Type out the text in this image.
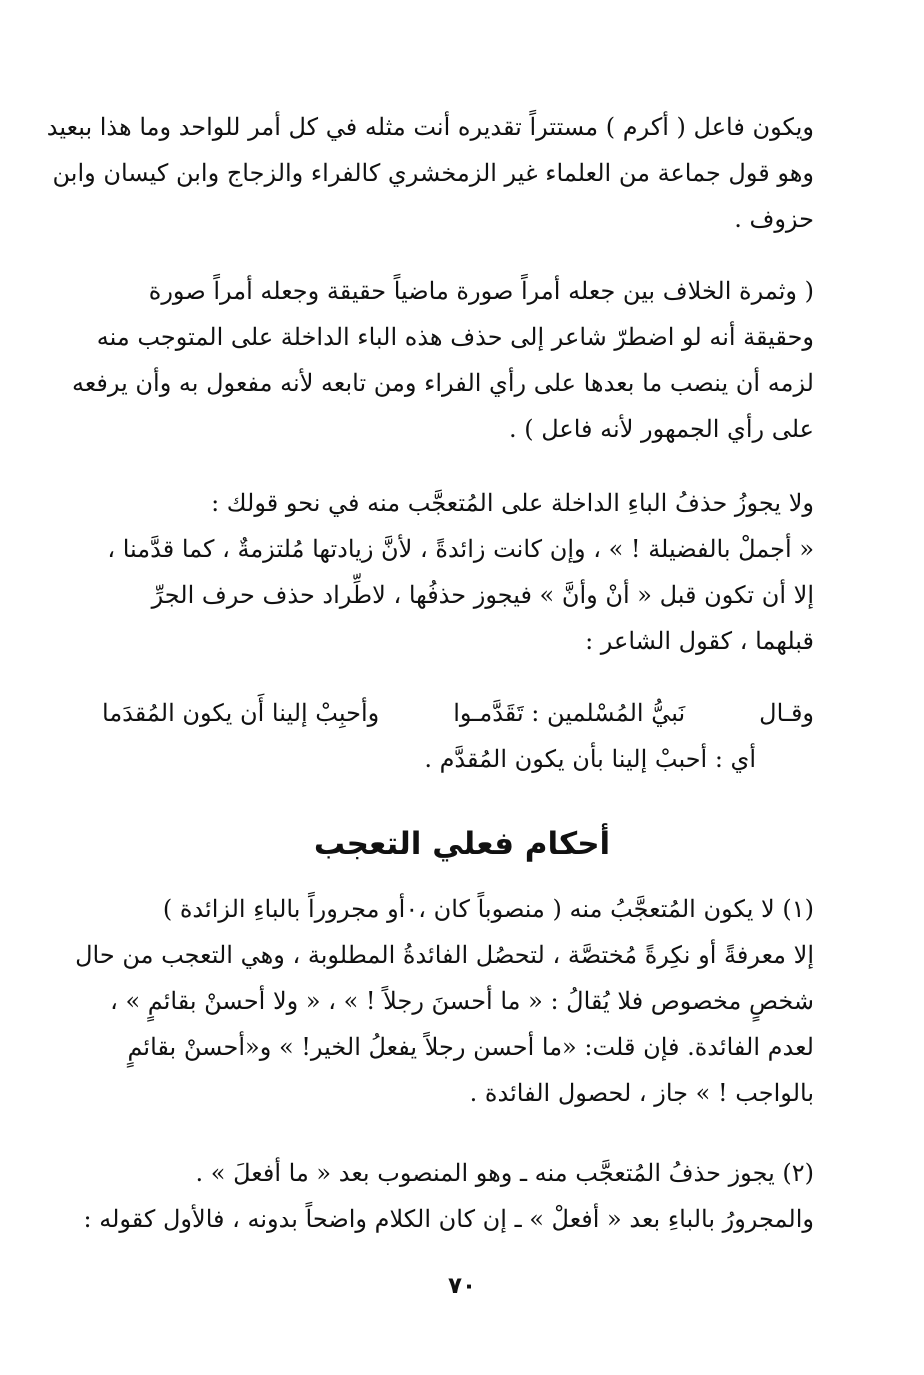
ويكون فاعل ( أكرم ) مستتراً تقديره أنت مثله في كل أمر للواحد وما هذا ببعيد
وهو قول جماعة من العلماء غير الزمخشري كالفراء والزجاج وابن كيسان وابن
حزوف .
( وثمرة الخلاف بين جعله أمراً صورة ماضياً حقيقة وجعله أمراً صورة
وحقيقة أنه لو اضطرّ شاعر إلى حذف هذه الباء الداخلة على المتوجب منه
لزمه أن ينصب ما بعدها على رأي الفراء ومن تابعه لأنه مفعول به وأن يرفعه
على رأي الجمهور لأنه فاعل ) .
ولا يجوزُ حذفُ الباءِ الداخلة على المُتعجَّب منه في نحو قولك :
« أجملْ بالفضيلة ! » ، وإن كانت زائدةً ، لأنَّ زيادتها مُلتزمةٌ ، كما قدَّمنا ،
إلا أن تكون قبل « أنْ وأنَّ » فيجوز حذفُها ، لاطِّراد حذف حرف الجرِّ
قبلهما ، كقول الشاعر :
وقـال
نَبيُّ المُسْلمين : تَقَدَّمـوا
وأحبِبْ إلينا أَن يكون المُقدَما
أي : أحببْ إلينا بأن يكون المُقدَّم .
أحكام فعلي التعجب
(١) لا يكون المُتعجَّبُ منه ( منصوباً كان ،٠أو مجروراً بالباءِ الزائدة )
إلا معرفةً أو نكِرةً مُختصَّة ، لتحصُل الفائدةُ المطلوبة ، وهي التعجب من حال
شخصٍ مخصوص فلا يُقالُ : « ما أحسنَ رجلاً ! » ، « ولا أحسنْ بقائمٍ » ،
لعدم الفائدة. فإن قلت: «ما أحسن رجلاً يفعلُ الخير! » و«أحسنْ بقائمٍ
بالواجب ! » جاز ، لحصول الفائدة .
(٢) يجوز حذفُ المُتعجَّب منه ـ وهو المنصوب بعد « ما أفعلَ » .
والمجرورُ بالباءِ بعد « أفعلْ » ـ إن كان الكلام واضحاً بدونه ، فالأول كقوله :
٧٠
